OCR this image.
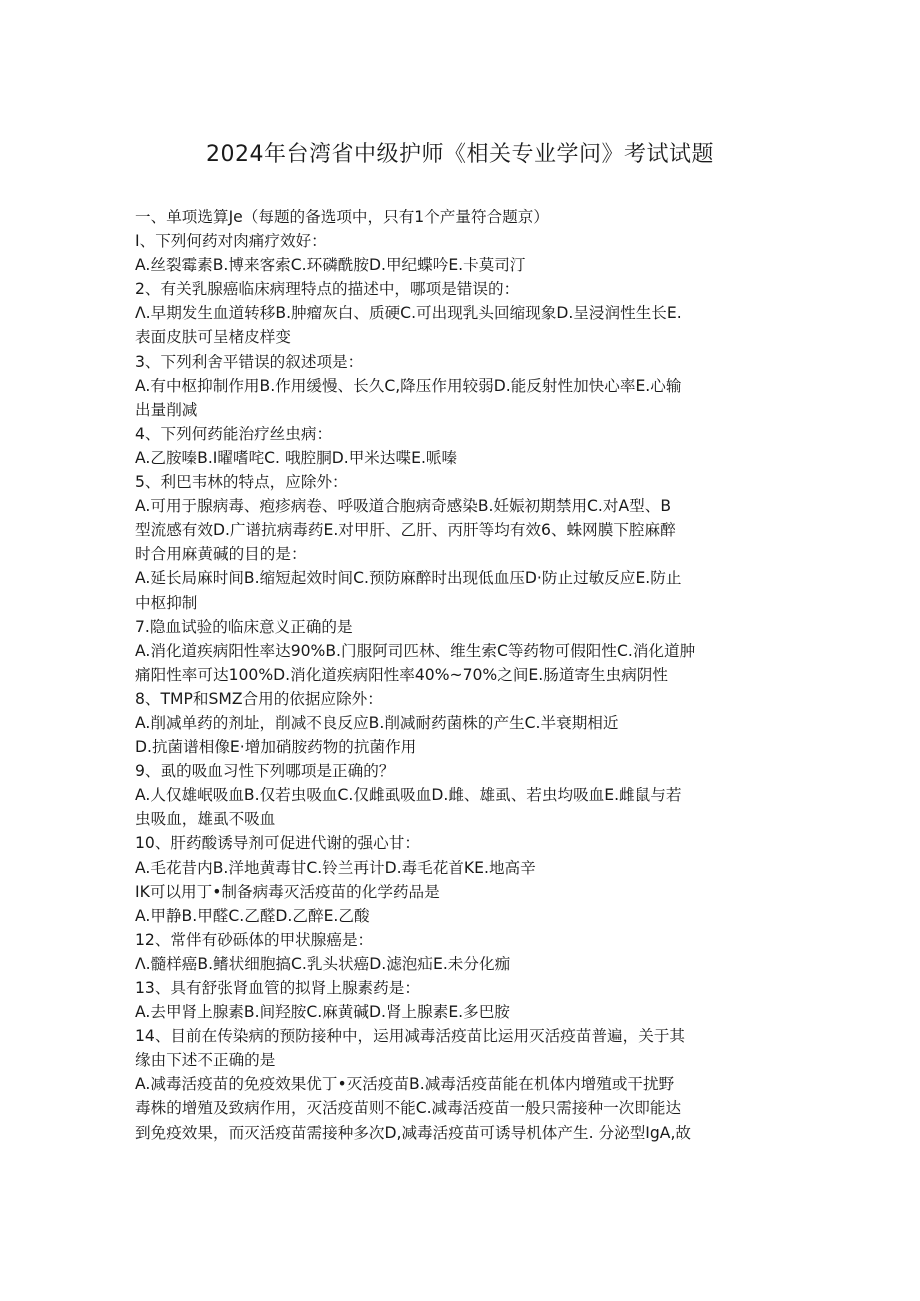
2024年台湾省中级护师《相关专业学问》考试试题
一、单项选算Je（每题的备选项中，只有1个产量符合题京）
I、下列何药对肉痛疗效好：
A.丝裂霉素B.博来客索C.环磷酰胺D.甲纪蝶吟E.卡莫司汀
2、有关乳腺癌临床病理特点的描述中，哪项是错误的：
Λ.早期发生血道转移B.肿瘤灰白、质硬C.可出现乳头回缩现象D.呈浸润性生长E.
表面皮肤可呈楮皮样变
3、下列利舍平错误的叙述项是：
A.有中枢抑制作用B.作用缓慢、长久C,降压作用较弱D.能反射性加快心率E.心输
出量削减
4、下列何药能治疗丝虫病：
A.乙胺嗪B.I曜嗜咤C. 哦腔胴D.甲米达喋E.哌嗪
5、利巴韦林的特点，应除外：
A.可用于腺病毒、疱疹病卷、呼吸道合胞病奇感染B.妊娠初期禁用C.对A型、B
型流感有效D.广谱抗病毒药E.对甲肝、乙肝、丙肝等均有效6、蛛网膜下腔麻醉
时合用麻黄碱的目的是：
A.延长局麻时间B.缩短起效时间C.预防麻醉时出现低血压D·防止过敏反应E.防止
中枢抑制
7.隐血试验的临床意义正确的是
A.消化道疾病阳性率达90%B.门服阿司匹林、维生索C等药物可假阳性C.消化道肿
痛阳性率可达100%D.消化道疾病阳性率40%~70%之间E.肠道寄生虫病阴性
8、TMP和SMZ合用的依据应除外：
A.削减单药的剂址，削减不良反应B.削减耐药菌株的产生C.半衰期相近
D.抗菌谱相像E·增加硝胺药物的抗菌作用
9、虱的吸血习性下列哪项是正确的？
A.人仅雄岷吸血B.仅若虫吸血C.仅雌虱吸血D.雌、雄虱、若虫均吸血E.雌鼠与若
虫吸血，雄虱不吸血
10、肝药酸诱导剂可促进代谢的强心甘：
A.毛花昔内B.洋地黄毒甘C.铃兰再计D.毒毛花首KE.地高辛
IK可以用丁•制备病毒灭活疫苗的化学药品是
A.甲静B.甲醛C.乙醛D.乙醉E.乙酸
12、常伴有砂砾体的甲状腺癌是：
Λ.髓样癌B.鳍状细胞搞C.乳头状癌D.滤泡疝E.未分化痂
13、具有舒张肾血管的拟肾上腺素药是：
A.去甲肾上腺素B.间羟胺C.麻黄碱D.肾上腺素E.多巴胺
14、目前在传染病的预防接种中，运用减毒活疫苗比运用灭活疫苗普遍，关于其
缘由下述不正确的是
A.减毒活疫苗的免疫效果优丁•灭活疫苗B.减毒活疫苗能在机体内增殖或干扰野
毒株的增殖及致病作用，灭活疫苗则不能C.减毒活疫苗一般只需接种一次即能达
到免疫效果，而灭活疫苗需接种多次D,减毒活疫苗可诱导机体产生. 分泌型IgA,故
